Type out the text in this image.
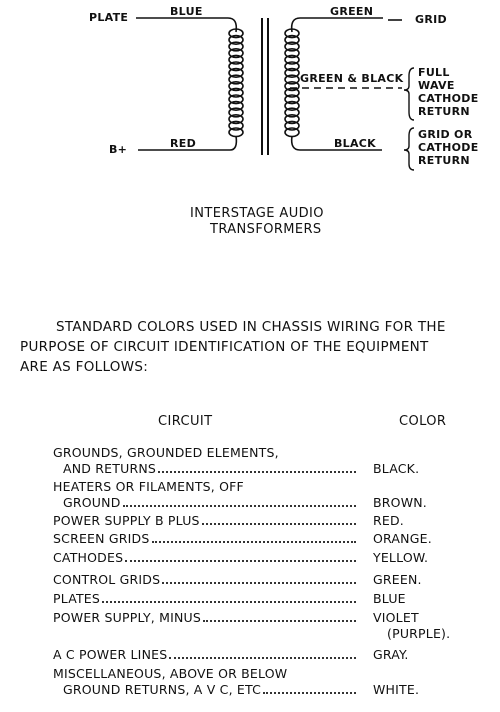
PLATE	BLUE
B+	RED
GREEN
GRID
GREEN & BLACK
BLACK
FULL
WAVE
CATHODE
RETURN
GRID OR
CATHODE
RETURN
INTERSTAGE AUDIO
TRANSFORMERS
STANDARD COLORS USED IN CHASSIS WIRING FOR THE
PURPOSE OF CIRCUIT IDENTIFICATION OF THE EQUIPMENT
ARE AS FOLLOWS:
CIRCUIT	COLOR
GROUNDS, GROUNDED ELEMENTS,
AND RETURNS	BLACK.
HEATERS OR FILAMENTS, OFF
GROUND	BROWN.
POWER SUPPLY B PLUS	RED.
SCREEN GRIDS	ORANGE.
CATHODES	YELLOW.
CONTROL GRIDS	GREEN.
PLATES	BLUE
POWER SUPPLY, MINUS	VIOLET
(PURPLE).
A C POWER LINES	GRAY.
MISCELLANEOUS, ABOVE OR BELOW
GROUND RETURNS, A V C, ETC	WHITE.
